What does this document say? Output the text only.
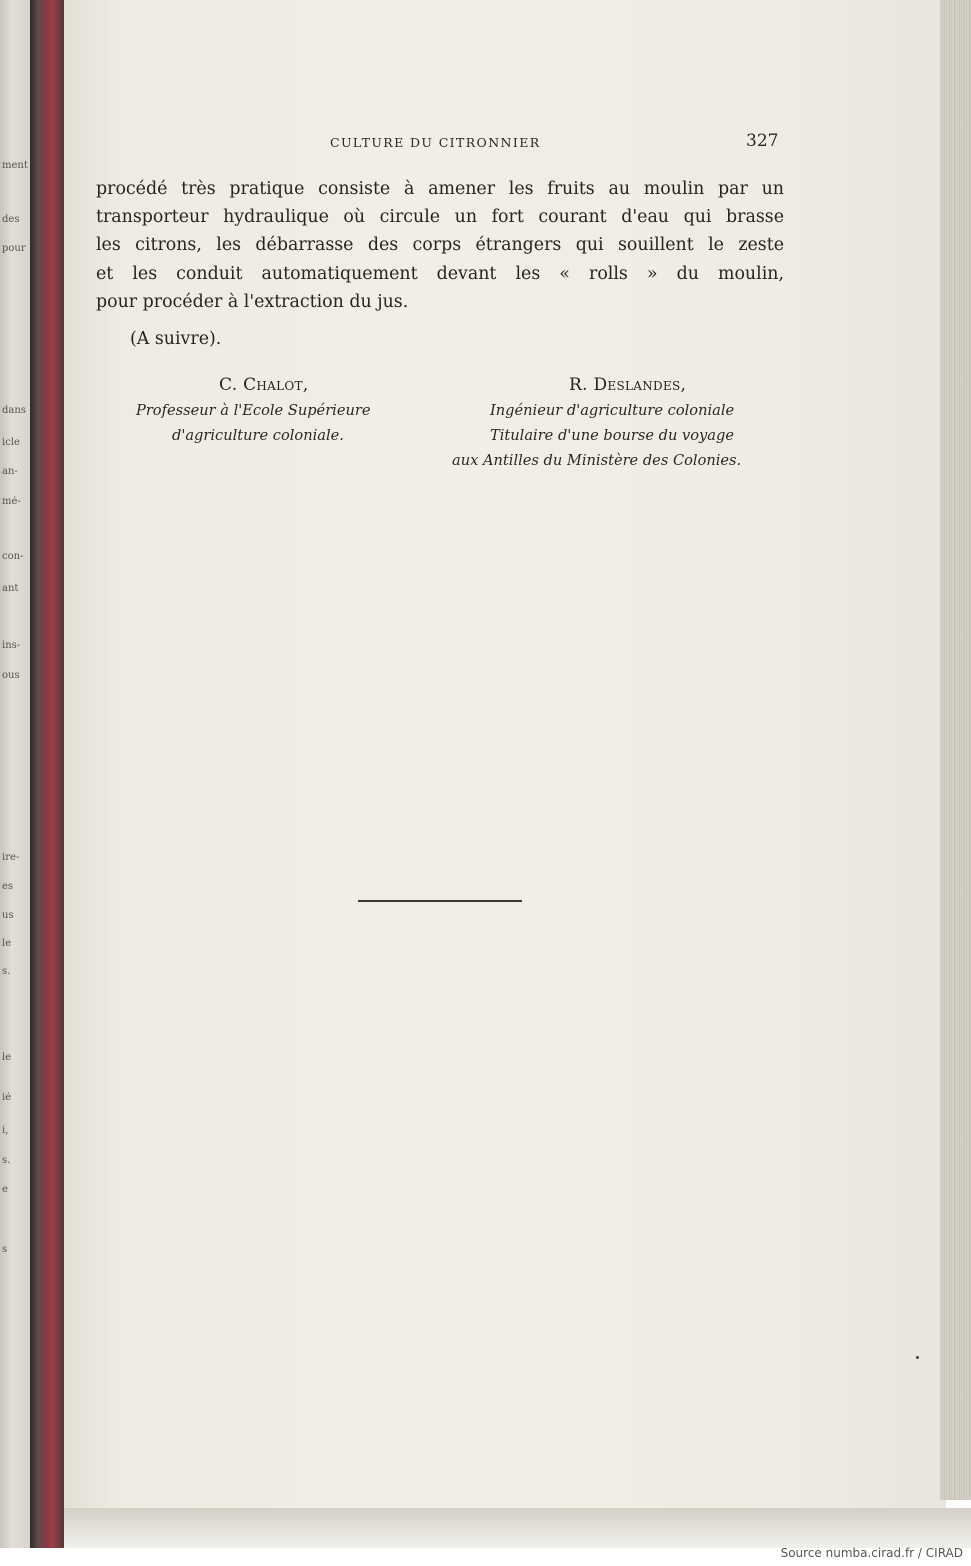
ment
des
pour
dans
icle
an-
mé-
con-
ant
ins-
ous
ire-
es
us
le
s.
le
ié
i,
s.
e
s
CULTURE DU CITRONNIER	327
procédé très pratique consiste à amener les fruits au moulin par un
transporteur hydraulique où circule un fort courant d'eau qui brasse
les citrons, les débarrasse des corps étrangers qui souillent le zeste
et les conduit automatiquement devant les « rolls » du moulin,
pour procéder à l'extraction du jus.
(A suivre).
C. Chalot,
Professeur à l'Ecole Supérieure
d'agriculture coloniale.
R. Deslandes,
Ingénieur d'agriculture coloniale
Titulaire d'une bourse du voyage
aux Antilles du Ministère des Colonies.
Source numba.cirad.fr / CIRAD
